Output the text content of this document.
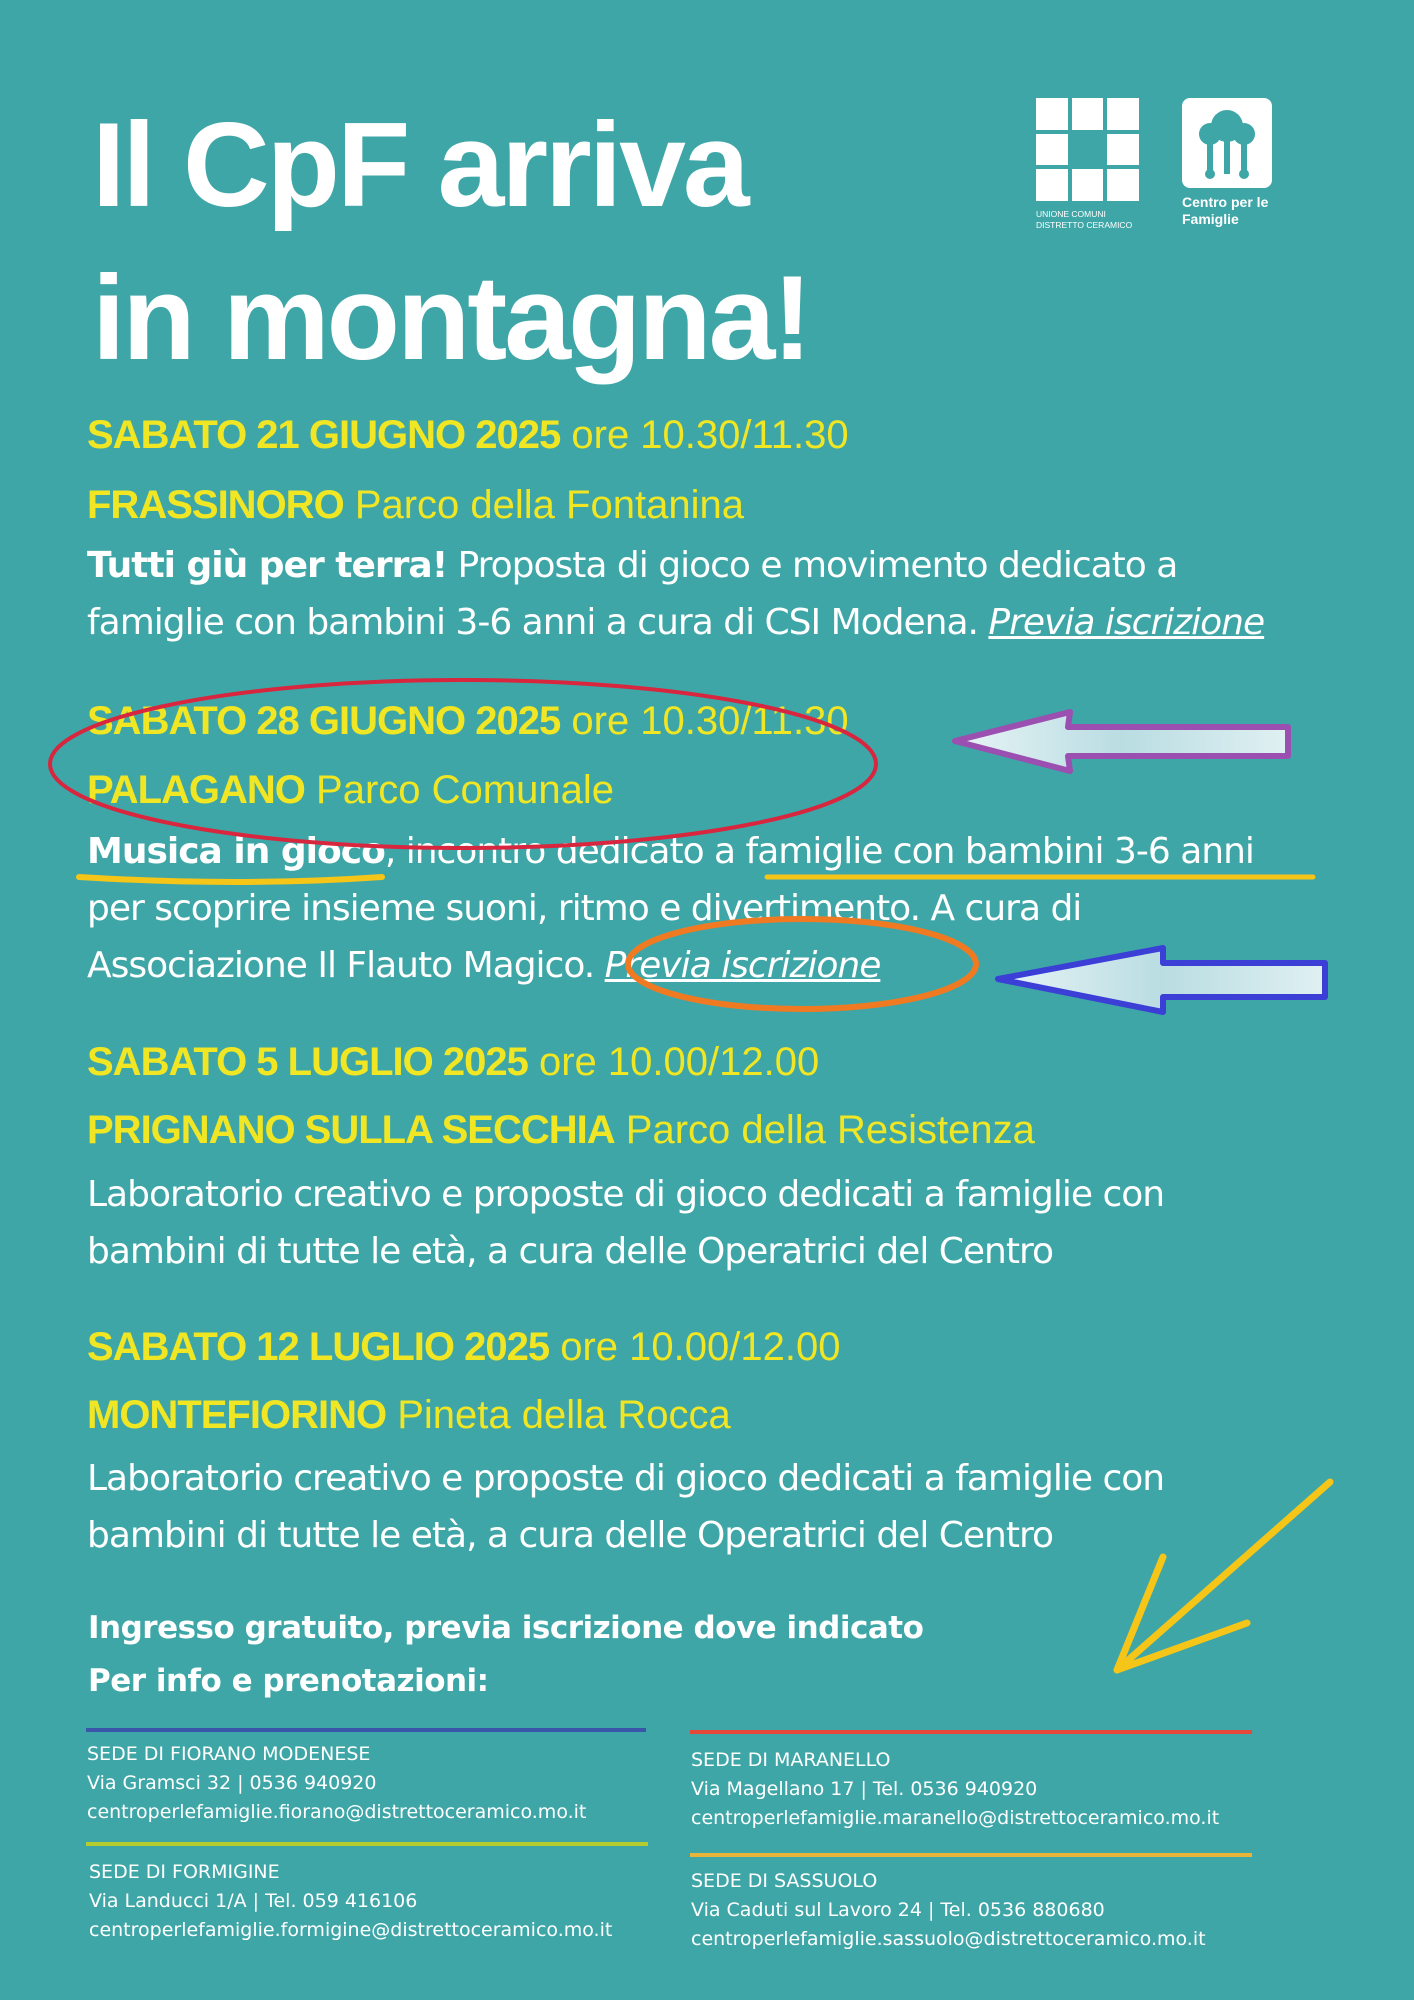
Il CpF arriva
in montagna!
UNIONE COMUNI
DISTRETTO CERAMICO
Centro per le
Famiglie
SABATO 21 GIUGNO 2025 ore 10.30/11.30
FRASSINORO Parco della Fontanina
Tutti giù per terra! Proposta di gioco e movimento dedicato a
famiglie con bambini 3-6 anni a cura di CSI Modena. Previa iscrizione
SABATO 28 GIUGNO 2025 ore 10.30/11.30
PALAGANO Parco Comunale
Musica in gioco, incontro dedicato a famiglie con bambini 3-6 anni
per scoprire insieme suoni, ritmo e divertimento. A cura di
Associazione Il Flauto Magico. Previa iscrizione
SABATO 5 LUGLIO 2025 ore 10.00/12.00
PRIGNANO SULLA SECCHIA Parco della Resistenza
Laboratorio creativo e proposte di gioco dedicati a famiglie con
bambini di tutte le età, a cura delle Operatrici del Centro
SABATO 12 LUGLIO 2025 ore 10.00/12.00
MONTEFIORINO Pineta della Rocca
Laboratorio creativo e proposte di gioco dedicati a famiglie con
bambini di tutte le età, a cura delle Operatrici del Centro
Ingresso gratuito, previa iscrizione dove indicato
Per info e prenotazioni:
SEDE DI FIORANO MODENESE
Via Gramsci 32 | 0536 940920
centroperlefamiglie.fiorano@distrettoceramico.mo.it
SEDE DI FORMIGINE
Via Landucci 1/A | Tel. 059 416106
centroperlefamiglie.formigine@distrettoceramico.mo.it
SEDE DI MARANELLO
Via Magellano 17 | Tel. 0536 940920
centroperlefamiglie.maranello@distrettoceramico.mo.it
SEDE DI SASSUOLO
Via Caduti sul Lavoro 24 | Tel. 0536 880680
centroperlefamiglie.sassuolo@distrettoceramico.mo.it
